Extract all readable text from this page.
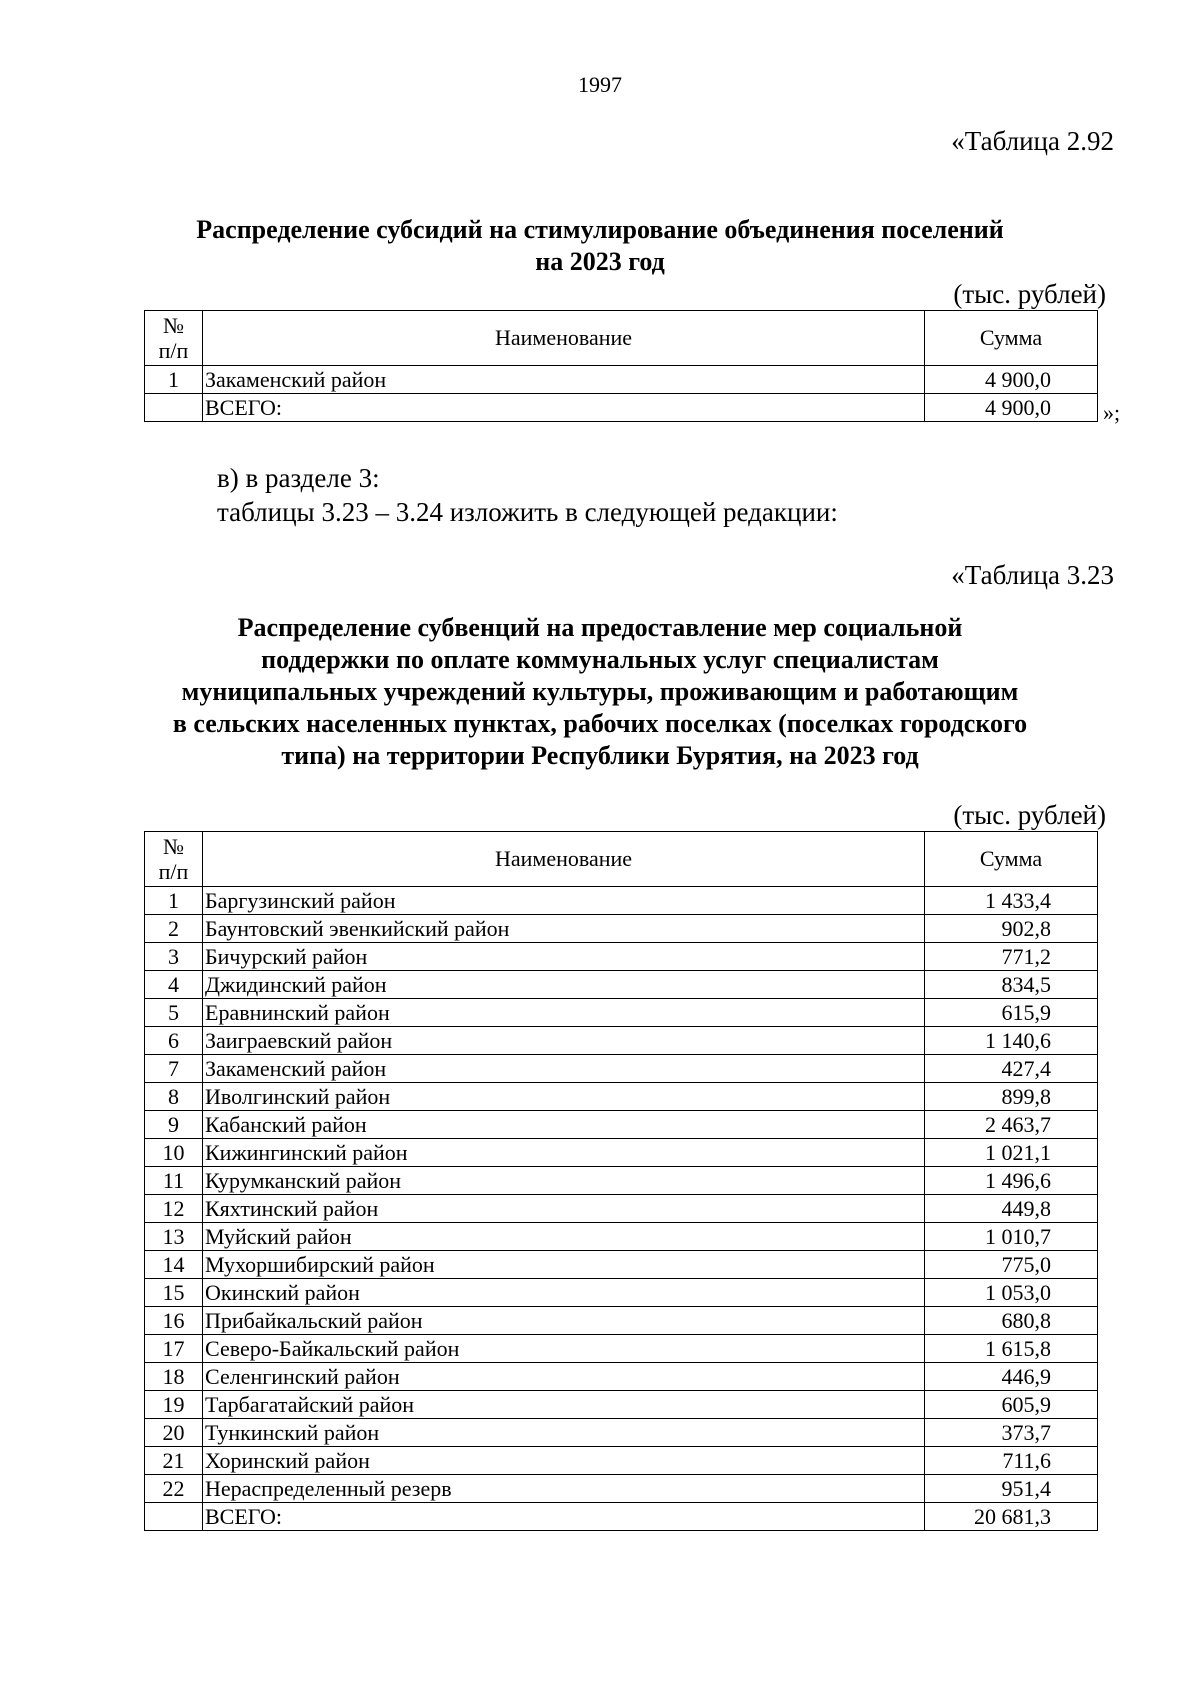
1997
«Таблица 2.92
Распределение субсидий на стимулирование объединения поселений
на 2023 год
(тыс. рублей)
№
п/п	Наименование	Сумма
1	Закаменский район	4 900,0
	ВСЕГО:	4 900,0 »;
в) в разделе 3:
таблицы 3.23 – 3.24 изложить в следующей редакции:
«Таблица 3.23
Распределение субвенций на предоставление мер социальной
поддержки по оплате коммунальных услуг специалистам
муниципальных учреждений культуры, проживающим и работающим
в сельских населенных пунктах, рабочих поселках (поселках городского
типа) на территории Республики Бурятия, на 2023 год
(тыс. рублей)
№
п/п	Наименование	Сумма
1	Баргузинский район	1 433,4
2	Баунтовский эвенкийский район	902,8
3	Бичурский район	771,2
4	Джидинский район	834,5
5	Еравнинский район	615,9
6	Заиграевский район	1 140,6
7	Закаменский район	427,4
8	Иволгинский район	899,8
9	Кабанский район	2 463,7
10	Кижингинский район	1 021,1
11	Курумканский район	1 496,6
12	Кяхтинский район	449,8
13	Муйский район	1 010,7
14	Мухоршибирский район	775,0
15	Окинский район	1 053,0
16	Прибайкальский район	680,8
17	Северо-Байкальский район	1 615,8
18	Селенгинский район	446,9
19	Тарбагатайский район	605,9
20	Тункинский район	373,7
21	Хоринский район	711,6
22	Нераспределенный резерв	951,4
	ВСЕГО:	20 681,3
